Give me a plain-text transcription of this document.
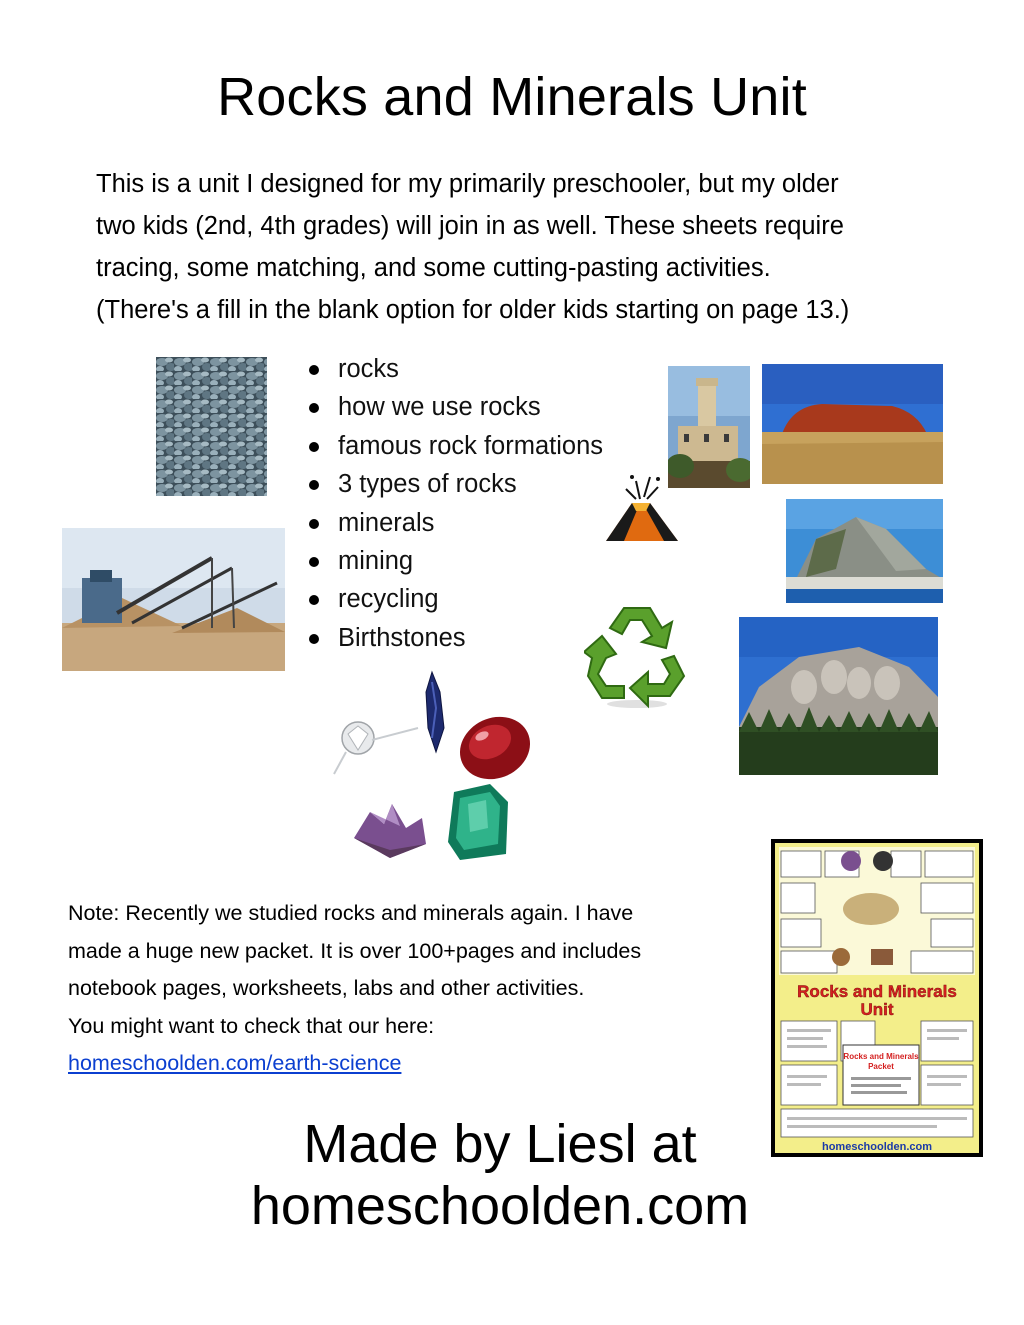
Rocks and Minerals Unit
This is a unit I designed for my primarily preschooler, but my older
two kids (2nd, 4th grades) will join in as well. These sheets require
tracing, some matching, and some cutting-pasting activities.
(There's a fill in the blank option for older kids starting on page 13.)
rocks
how we use rocks
famous rock formations
3 types of rocks
minerals
mining
recycling
Birthstones
Note: Recently we studied rocks and minerals again. I have
made a huge new packet. It is over 100+pages and includes
notebook pages, worksheets, labs and other activities.
You might want to check that our here:
homeschoolden.com/earth-science
Rocks and Minerals
Unit
Rocks and Minerals
Packet
homeschoolden.com
Made by Liesl at
homeschoolden.com
